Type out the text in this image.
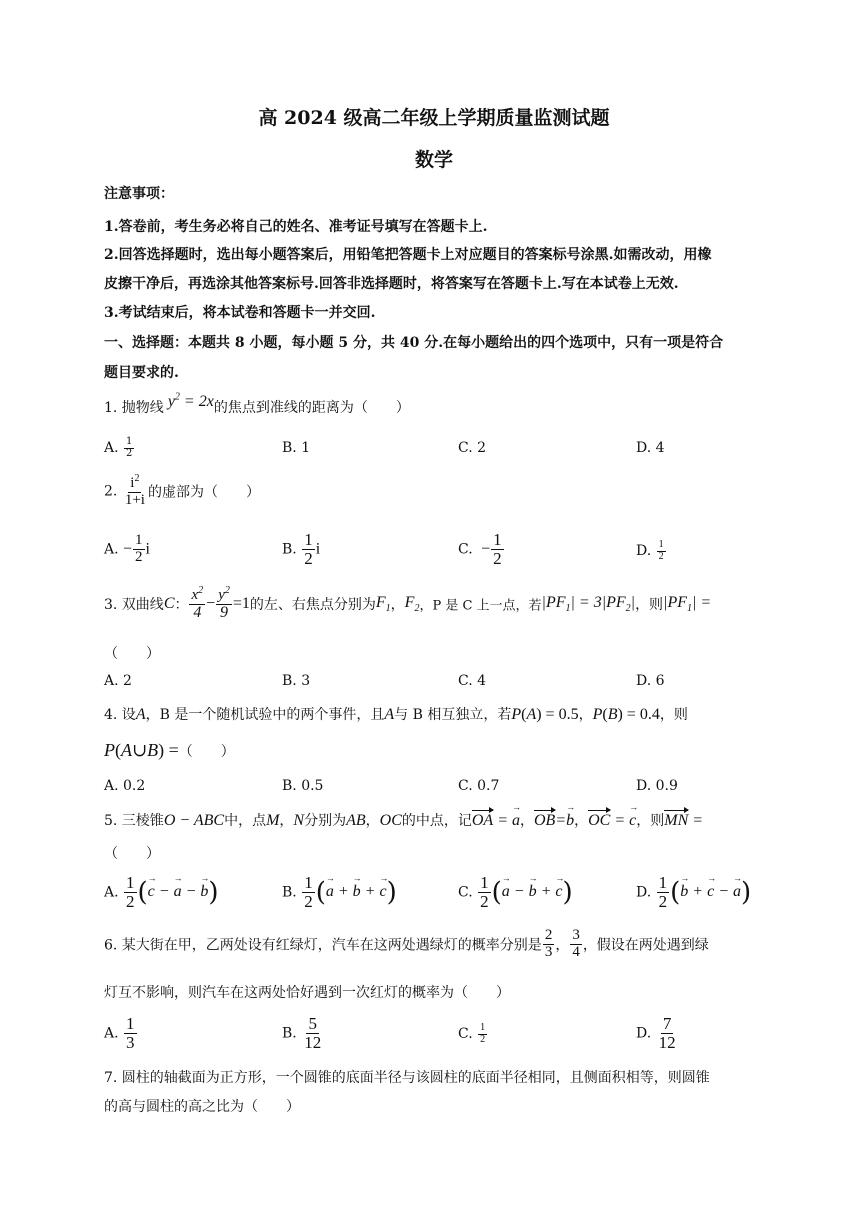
高 2024 级高二年级上学期质量监测试题
数学
注意事项：
1.答卷前，考生务必将自己的姓名、准考证号填写在答题卡上.
2.回答选择题时，选出每小题答案后，用铅笔把答题卡上对应题目的答案标号涂黑.如需改动，用橡
皮擦干净后，再选涂其他答案标号.回答非选择题时，将答案写在答题卡上.写在本试卷上无效.
3.考试结束后，将本试卷和答题卡一并交回.
一、选择题：本题共 8 小题，每小题 5 分，共 40 分.在每小题给出的四个选项中，只有一项是符合
题目要求的.
1. 抛物线 $y^2 = 2x$的焦点到准线的距离为（　　）
A. $\frac{1}{2}$	B. 1	C. 2	D. 4
2. $\frac{i^2}{1+i}$ 的虚部为（　　）
A. − $\frac{1}{2}$ i	B. $\frac{1}{2}$ i	C.  − $\frac{1}{2}$	D. $\frac{1}{2}$
3. 双曲线C： $\frac{x^2}{4} - \frac{y^2}{9} =1$的左、右焦点分别为$F_1$，$F_2$，P 是 C 上一点，若$|PF_1| = 3|PF_2|$，则$|PF_1|$ =
（　　）
A. 2	B. 3	C. 4	D. 6
4. 设A，B 是一个随机试验中的两个事件，且A与 B 相互独立，若P(A) = 0.5，P(B) = 0.4，则
P(A∪B) =（　　）
A. 0.2	B. 0.5	C. 0.7	D. 0.9
5. 三棱锥O − ABC中，点M，N分别为AB，OC的中点，记OA = → a，OB=→ b，OC = → c，则MN =
（　　）
A. $\frac{1}{2}$ (→ c − → a − → b)	B. $\frac{1}{2}$ (→ a + → b + → c)	C. $\frac{1}{2}$ (→ a − → b + → c)	D. $\frac{1}{2}$ (→ b + → c − → a)
6. 某大街在甲，乙两处设有红绿灯，汽车在这两处遇绿灯的概率分别是 $\frac{2}{3}$ ， $\frac{3}{4}$ ，假设在两处遇到绿
灯互不影响，则汽车在这两处恰好遇到一次红灯的概率为（　　）
A. $\frac{1}{3}$	B. $\frac{5}{12}$	C. $\frac{1}{2}$	D. $\frac{7}{12}$
7. 圆柱的轴截面为正方形，一个圆锥的底面半径与该圆柱的底面半径相同，且侧面积相等，则圆锥
的高与圆柱的高之比为（　　）
